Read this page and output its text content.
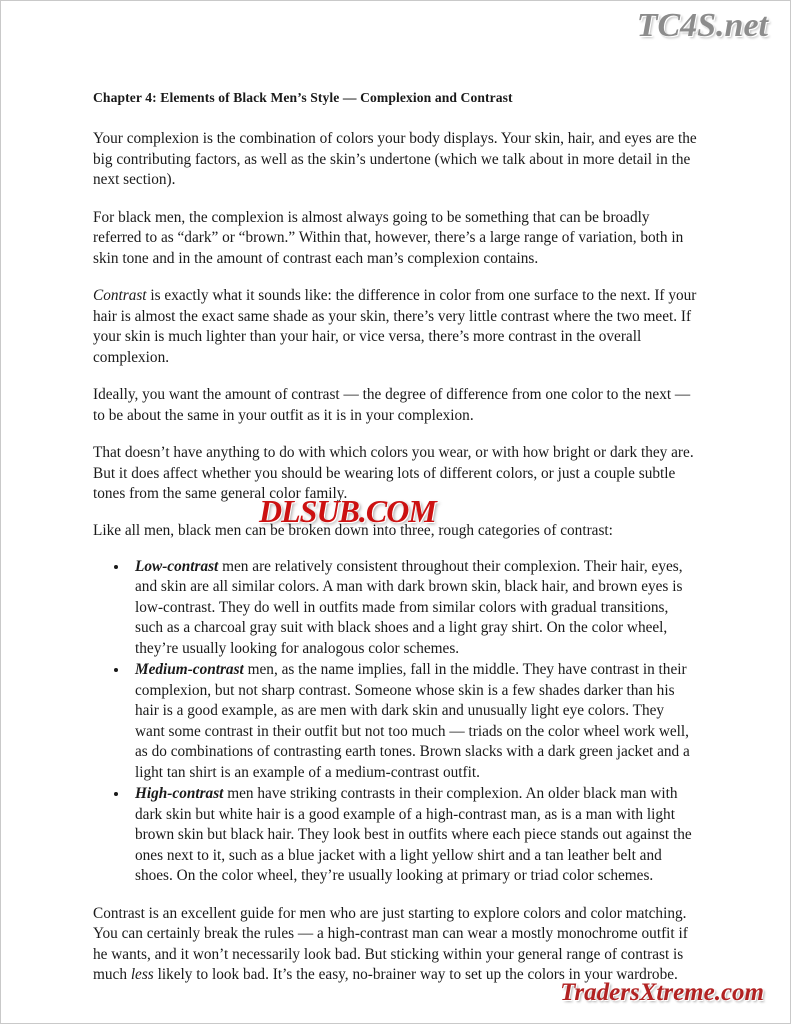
TC4S.net
Chapter 4: Elements of Black Men’s Style — Complexion and Contrast

Your complexion is the combination of colors your body displays. Your skin, hair, and eyes are the big contributing factors, as well as the skin’s undertone (which we talk about in more detail in the next section).

For black men, the complexion is almost always going to be something that can be broadly referred to as “dark” or “brown.” Within that, however, there’s a large range of variation, both in skin tone and in the amount of contrast each man’s complexion contains.

Contrast is exactly what it sounds like: the difference in color from one surface to the next. If your hair is almost the exact same shade as your skin, there’s very little contrast where the two meet. If your skin is much lighter than your hair, or vice versa, there’s more contrast in the overall complexion.

Ideally, you want the amount of contrast — the degree of difference from one color to the next — to be about the same in your outfit as it is in your complexion.

That doesn’t have anything to do with which colors you wear, or with how bright or dark they are. But it does affect whether you should be wearing lots of different colors, or just a couple subtle tones from the same general color family.

Like all men, black men can be broken down into three, rough categories of contrast:

• Low-contrast men are relatively consistent throughout their complexion. Their hair, eyes, and skin are all similar colors. A man with dark brown skin, black hair, and brown eyes is low-contrast. They do well in outfits made from similar colors with gradual transitions, such as a charcoal gray suit with black shoes and a light gray shirt. On the color wheel, they’re usually looking for analogous color schemes.
• Medium-contrast men, as the name implies, fall in the middle. They have contrast in their complexion, but not sharp contrast. Someone whose skin is a few shades darker than his hair is a good example, as are men with dark skin and unusually light eye colors. They want some contrast in their outfit but not too much — triads on the color wheel work well, as do combinations of contrasting earth tones. Brown slacks with a dark green jacket and a light tan shirt is an example of a medium-contrast outfit.
• High-contrast men have striking contrasts in their complexion. An older black man with dark skin but white hair is a good example of a high-contrast man, as is a man with light brown skin but black hair. They look best in outfits where each piece stands out against the ones next to it, such as a blue jacket with a light yellow shirt and a tan leather belt and shoes. On the color wheel, they’re usually looking at primary or triad color schemes.

Contrast is an excellent guide for men who are just starting to explore colors and color matching. You can certainly break the rules — a high-contrast man can wear a mostly monochrome outfit if he wants, and it won’t necessarily look bad. But sticking within your general range of contrast is much less likely to look bad. It’s the easy, no-brainer way to set up the colors in your wardrobe.

DLSUB.COM
TradersXtreme.com
